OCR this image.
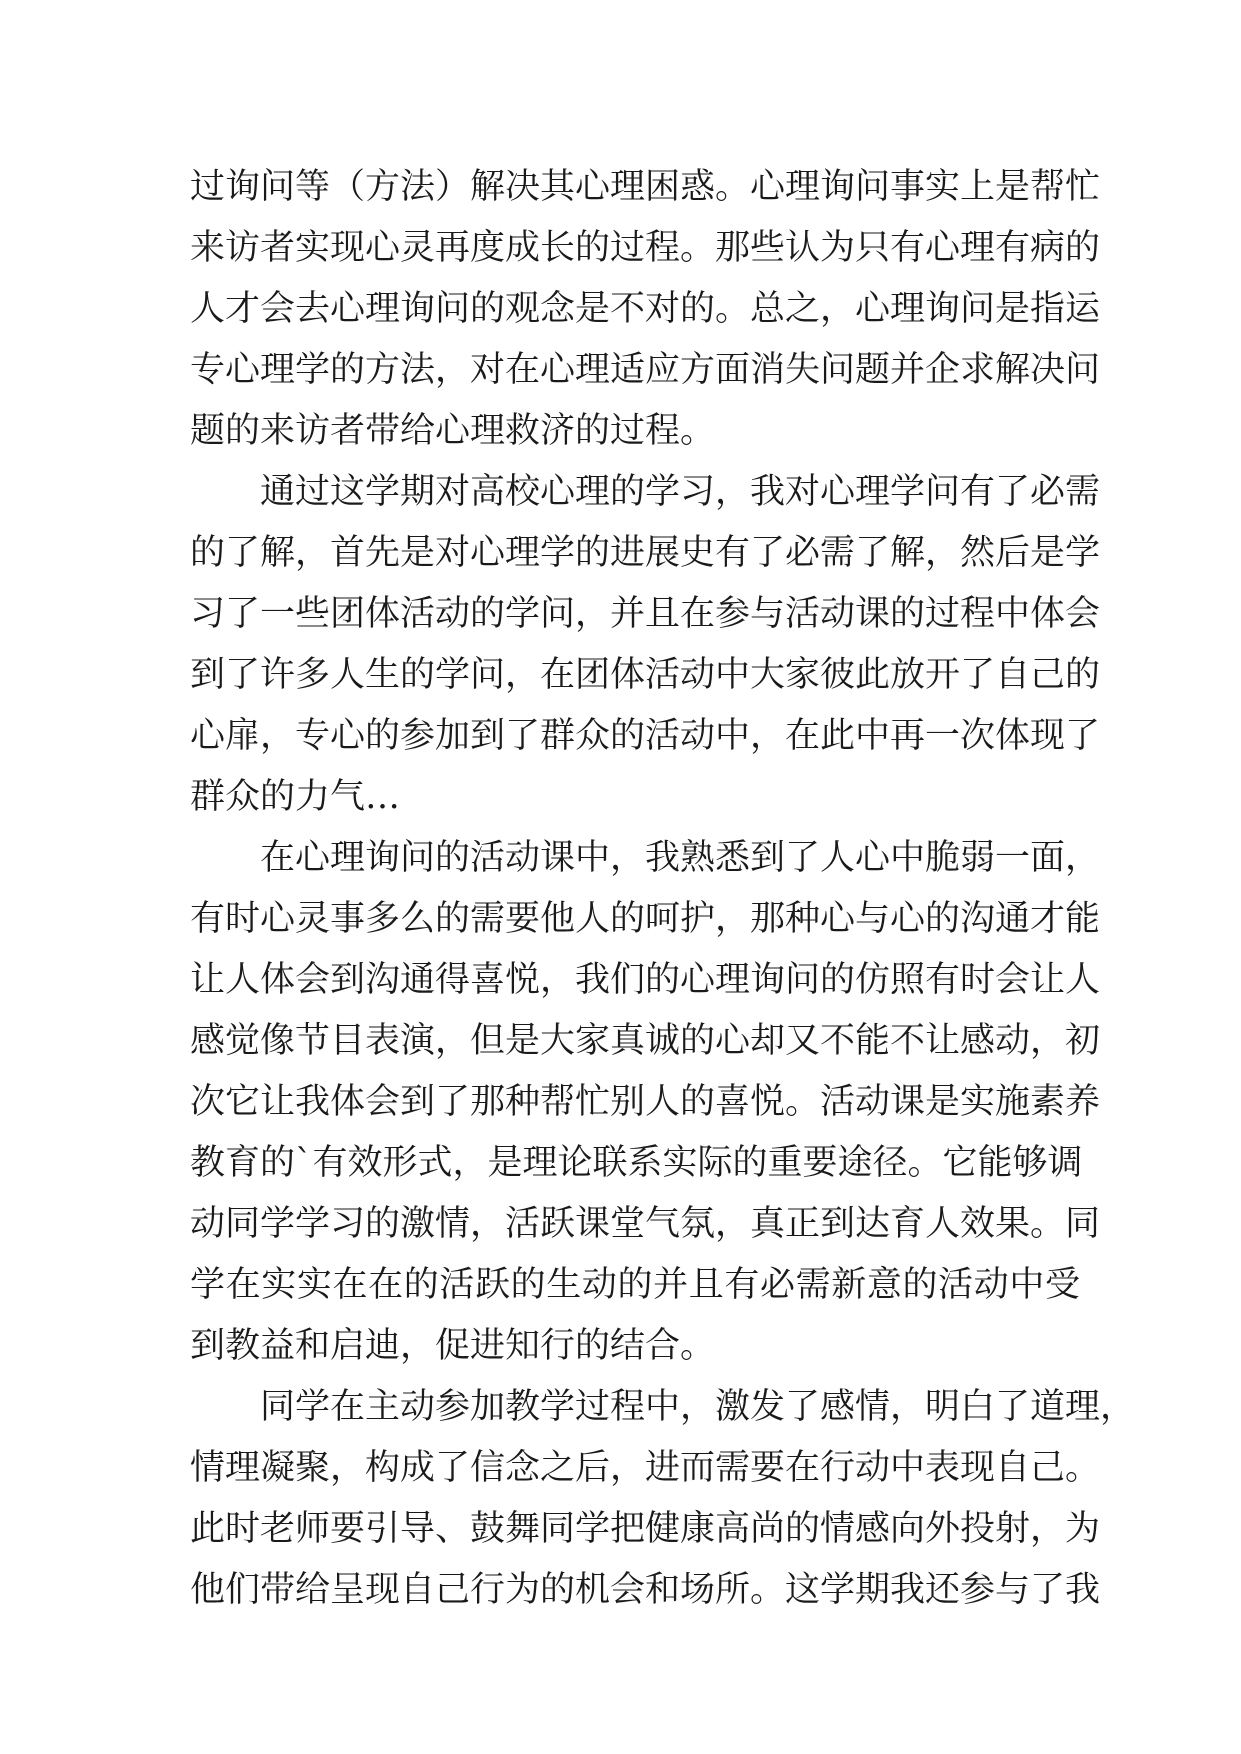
过询问等（方法）解决其心理困惑。心理询问事实上是帮忙
来访者实现心灵再度成长的过程。那些认为只有心理有病的
人才会去心理询问的观念是不对的。总之，心理询问是指运
专心理学的方法，对在心理适应方面消失问题并企求解决问
题的来访者带给心理救济的过程。
通过这学期对高校心理的学习，我对心理学问有了必需
的了解，首先是对心理学的进展史有了必需了解，然后是学
习了一些团体活动的学问，并且在参与活动课的过程中体会
到了许多人生的学问，在团体活动中大家彼此放开了自己的
心扉，专心的参加到了群众的活动中，在此中再一次体现了
群众的力气…
在心理询问的活动课中，我熟悉到了人心中脆弱一面，
有时心灵事多么的需要他人的呵护，那种心与心的沟通才能
让人体会到沟通得喜悦，我们的心理询问的仿照有时会让人
感觉像节目表演，但是大家真诚的心却又不能不让感动，初
次它让我体会到了那种帮忙别人的喜悦。活动课是实施素养
教育的`有效形式，是理论联系实际的重要途径。它能够调
动同学学习的激情，活跃课堂气氛，真正到达育人效果。同
学在实实在在的活跃的生动的并且有必需新意的活动中受
到教益和启迪，促进知行的结合。
同学在主动参加教学过程中，激发了感情，明白了道理，
情理凝聚，构成了信念之后，进而需要在行动中表现自己。
此时老师要引导、鼓舞同学把健康高尚的情感向外投射，为
他们带给呈现自己行为的机会和场所。这学期我还参与了我
